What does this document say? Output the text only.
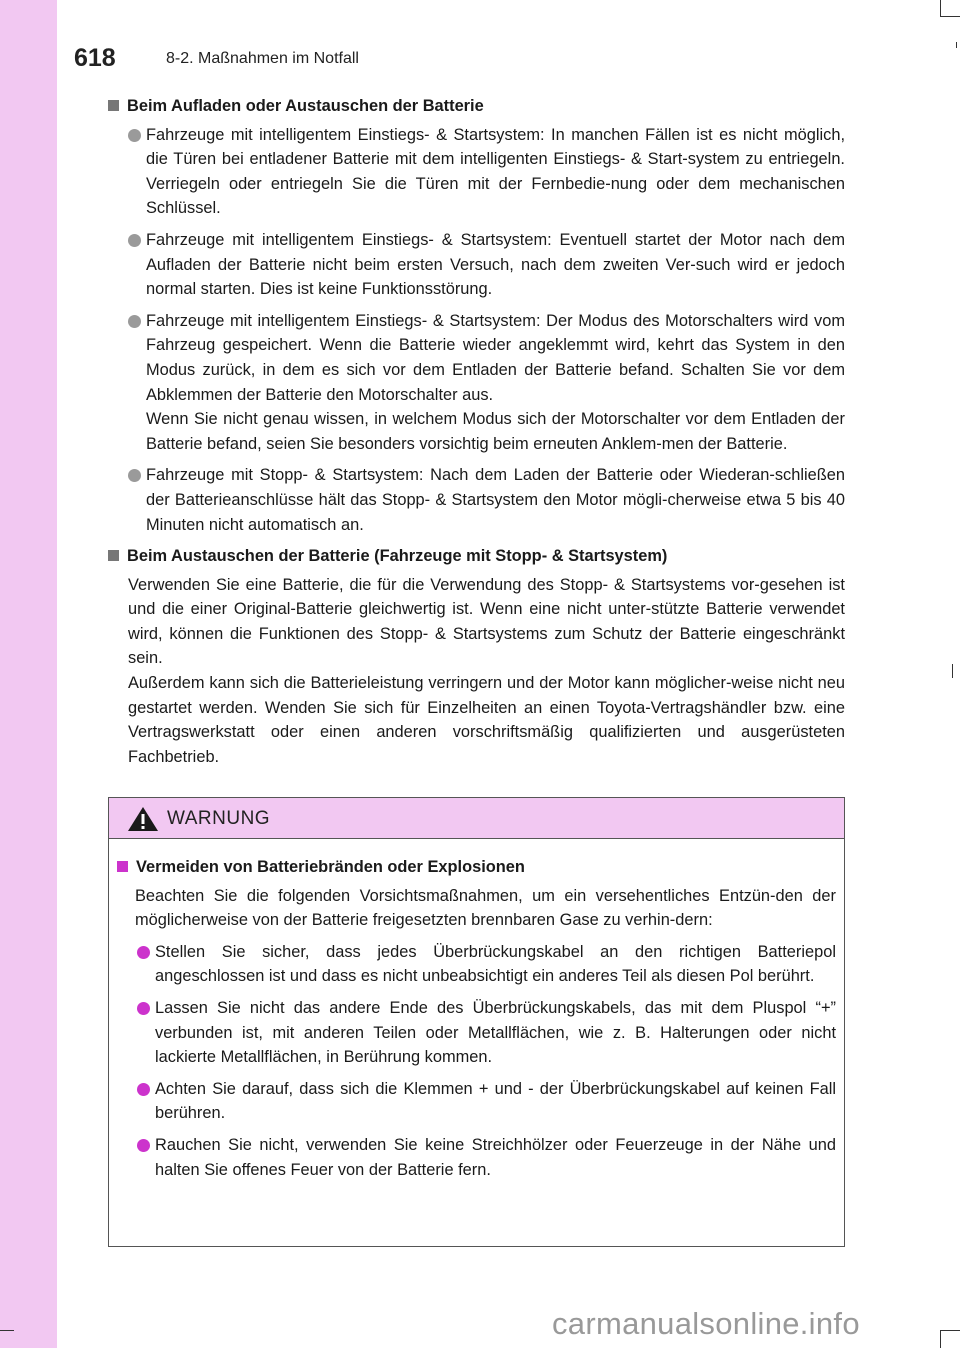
618	8-2. Maßnahmen im Notfall
Beim Aufladen oder Austauschen der Batterie
Fahrzeuge mit intelligentem Einstiegs- & Startsystem: In manchen Fällen ist es nicht möglich, die Türen bei entladener Batterie mit dem intelligenten Einstiegs- & Start-system zu entriegeln. Verriegeln oder entriegeln Sie die Türen mit der Fernbedie-nung oder dem mechanischen Schlüssel.
Fahrzeuge mit intelligentem Einstiegs- & Startsystem: Eventuell startet der Motor nach dem Aufladen der Batterie nicht beim ersten Versuch, nach dem zweiten Ver-such wird er jedoch normal starten. Dies ist keine Funktionsstörung.
Fahrzeuge mit intelligentem Einstiegs- & Startsystem: Der Modus des Motorschalters wird vom Fahrzeug gespeichert. Wenn die Batterie wieder angeklemmt wird, kehrt das System in den Modus zurück, in dem es sich vor dem Entladen der Batterie befand. Schalten Sie vor dem Abklemmen der Batterie den Motorschalter aus.

Wenn Sie nicht genau wissen, in welchem Modus sich der Motorschalter vor dem Entladen der Batterie befand, seien Sie besonders vorsichtig beim erneuten Anklem-men der Batterie.

Fahrzeuge mit Stopp- & Startsystem: Nach dem Laden der Batterie oder Wiederan-schließen der Batterieanschlüsse hält das Stopp- & Startsystem den Motor mögli-cherweise etwa 5 bis 40 Minuten nicht automatisch an.
Beim Austauschen der Batterie (Fahrzeuge mit Stopp- & Startsystem)

Verwenden Sie eine Batterie, die für die Verwendung des Stopp- & Startsystems vor-gesehen ist und die einer Original-Batterie gleichwertig ist. Wenn eine nicht unter-stützte Batterie verwendet wird, können die Funktionen des Stopp- & Startsystems zum Schutz der Batterie eingeschränkt sein.

Außerdem kann sich die Batterieleistung verringern und der Motor kann möglicher-weise nicht neu gestartet werden. Wenden Sie sich für Einzelheiten an einen Toyota-Vertragshändler bzw. eine Vertragswerkstatt oder einen anderen vorschriftsmäßig qualifizierten und ausgerüsteten Fachbetrieb.

WARNUNG
Vermeiden von Batteriebränden oder Explosionen

Beachten Sie die folgenden Vorsichtsmaßnahmen, um ein versehentliches Entzün-den der möglicherweise von der Batterie freigesetzten brennbaren Gase zu verhin-dern:

Stellen Sie sicher, dass jedes Überbrückungskabel an den richtigen Batteriepol angeschlossen ist und dass es nicht unbeabsichtigt ein anderes Teil als diesen Pol berührt.
Lassen Sie nicht das andere Ende des Überbrückungskabels, das mit dem Pluspol “+” verbunden ist, mit anderen Teilen oder Metallflächen, wie z. B. Halterungen oder nicht lackierte Metallflächen, in Berührung kommen.
Achten Sie darauf, dass sich die Klemmen + und - der Überbrückungskabel auf keinen Fall berühren.
Rauchen Sie nicht, verwenden Sie keine Streichhölzer oder Feuerzeuge in der Nähe und halten Sie offenes Feuer von der Batterie fern.
carmanualsonline.info
